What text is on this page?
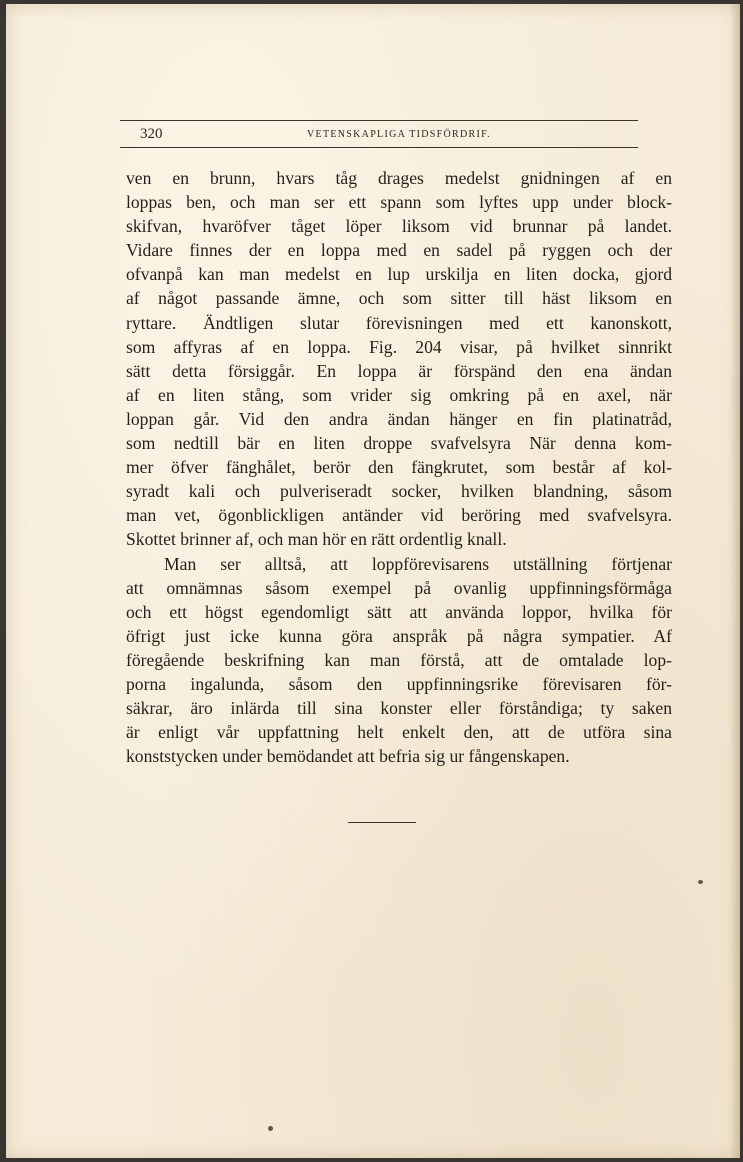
320	VETENSKAPLIGA TIDSFÖRDRIF.
ven en brunn, hvars tåg drages medelst gnidningen af en
loppas ben, och man ser ett spann som lyftes upp under block-
skifvan, hvaröfver tåget löper liksom vid brunnar på landet.
Vidare finnes der en loppa med en sadel på ryggen och der
ofvanpå kan man medelst en lup urskilja en liten docka, gjord
af något passande ämne, och som sitter till häst liksom en
ryttare. Ändtligen slutar förevisningen med ett kanonskott,
som affyras af en loppa. Fig. 204 visar, på hvilket sinnrikt
sätt detta försiggår. En loppa är förspänd den ena ändan
af en liten stång, som vrider sig omkring på en axel, när
loppan går. Vid den andra ändan hänger en fin platinatråd,
som nedtill bär en liten droppe svafvelsyra När denna kom-
mer öfver fänghålet, berör den fängkrutet, som består af kol-
syradt kali och pulveriseradt socker, hvilken blandning, såsom
man vet, ögonblickligen antänder vid beröring med svafvelsyra.
Skottet brinner af, och man hör en rätt ordentlig knall.
Man ser alltså, att loppförevisarens utställning förtjenar
att omnämnas såsom exempel på ovanlig uppfinningsförmåga
och ett högst egendomligt sätt att använda loppor, hvilka för
öfrigt just icke kunna göra anspråk på några sympatier. Af
föregående beskrifning kan man förstå, att de omtalade lop-
porna ingalunda, såsom den uppfinningsrike förevisaren för-
säkrar, äro inlärda till sina konster eller förståndiga; ty saken
är enligt vår uppfattning helt enkelt den, att de utföra sina
konststycken under bemödandet att befria sig ur fångenskapen.
